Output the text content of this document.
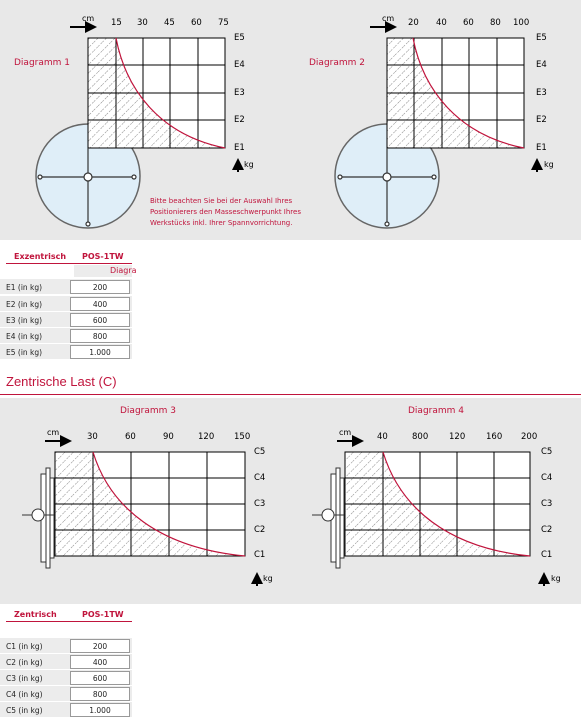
Diagramm 1
cm 15 30 45 60 75
E5
E4
E3
E2
E1
kg
Diagramm 2
cm 20 40 60 80 100
E5
E4
E3
E2
E1
kg
Bitte beachten Sie bei der Auswahl Ihres
Positionierers den Masseschwerpunkt Ihres
Werkstücks inkl. Ihrer Spannvorrichtung.
Exzentrisch POS-1TW
Diagra
E1 (in kg)	200
E2 (in kg)	400
E3 (in kg)	600
E4 (in kg)	800
E5 (in kg)	1.000
Zentrische Last (C)
Diagramm 3
cm	30	60	90	120 150
C5
C4
C3
C2
C1
kg
Diagramm 4
cm	40	800 120 160 200
C5
C4
C3
C2
C1
kg
Zentrisch	POS-1TW
C1 (in kg)	200
C2 (in kg)	400
C3 (in kg)	600
C4 (in kg)	800
C5 (in kg)	1.000
